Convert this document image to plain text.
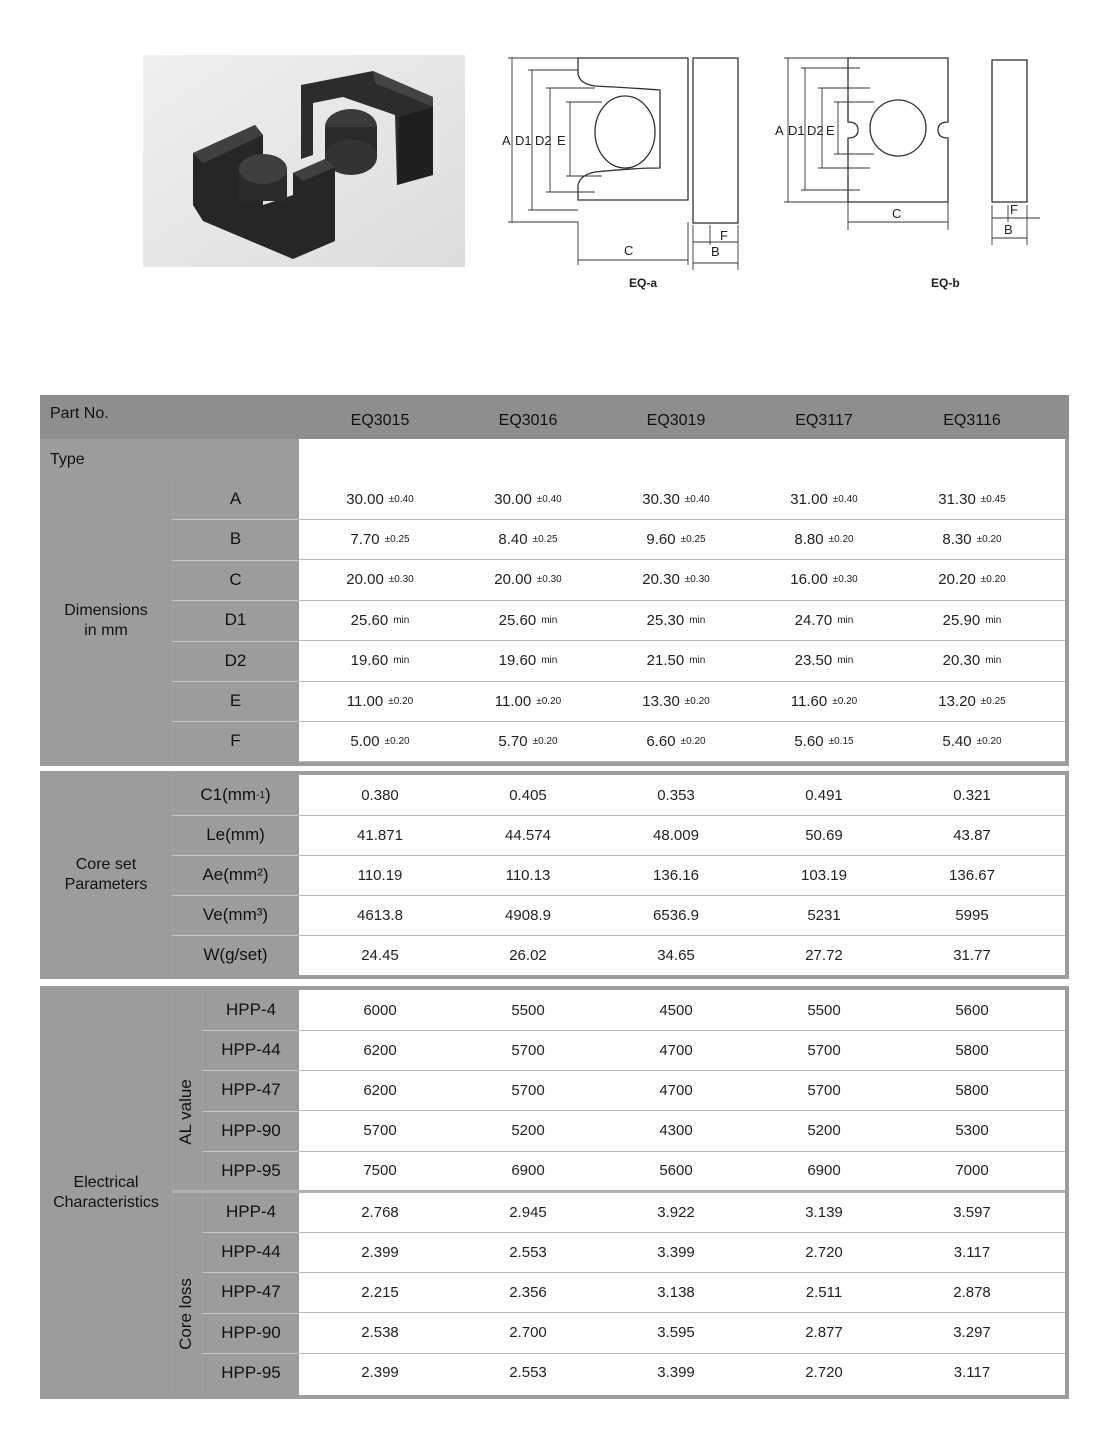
A D1 D2 E
C
F
B
EQ-a
A D1 D2 E
C	F
B
EQ-b
Part No.	EQ3015	EQ3016	EQ3019	EQ3117	EQ3116
Type
Dimensions
in mm
A	30.00 ±0.40	30.00 ±0.40	30.30 ±0.40	31.00 ±0.40	31.30 ±0.45
B	7.70 ±0.25	8.40 ±0.25	9.60 ±0.25	8.80 ±0.20	8.30 ±0.20
C	20.00 ±0.30	20.00 ±0.30	20.30 ±0.30	16.00 ±0.30	20.20 ±0.20
D1	25.60 min	25.60 min	25.30 min	24.70 min	25.90 min
D2	19.60 min	19.60 min	21.50 min	23.50 min	20.30 min
E	11.00 ±0.20	11.00 ±0.20	13.30 ±0.20	11.60 ±0.20	13.20 ±0.25
F	5.00 ±0.20	5.70 ±0.20	6.60 ±0.20	5.60 ±0.15	5.40 ±0.20
Core set
Parameters
C1(mm -1 )	0.380	0.405	0.353	0.491	0.321
Le(mm)	41.871	44.574	48.009	50.69	43.87
Ae(mm²)	110.19	110.13	136.16	103.19	136.67
Ve(mm³)	4613.8	4908.9	6536.9	5231	5995
W(g/set)	24.45	26.02	34.65	27.72	31.77
Electrical
Characteristics
AL value
Core loss
HPP-4	6000	5500	4500	5500	5600
HPP-44	6200	5700	4700	5700	5800
HPP-47	6200	5700	4700	5700	5800
HPP-90	5700	5200	4300	5200	5300
HPP-95	7500	6900	5600	6900	7000
HPP-4	2.768	2.945	3.922	3.139	3.597
HPP-44	2.399	2.553	3.399	2.720	3.117
HPP-47	2.215	2.356	3.138	2.511	2.878
HPP-90	2.538	2.700	3.595	2.877	3.297
HPP-95	2.399	2.553	3.399	2.720	3.117
